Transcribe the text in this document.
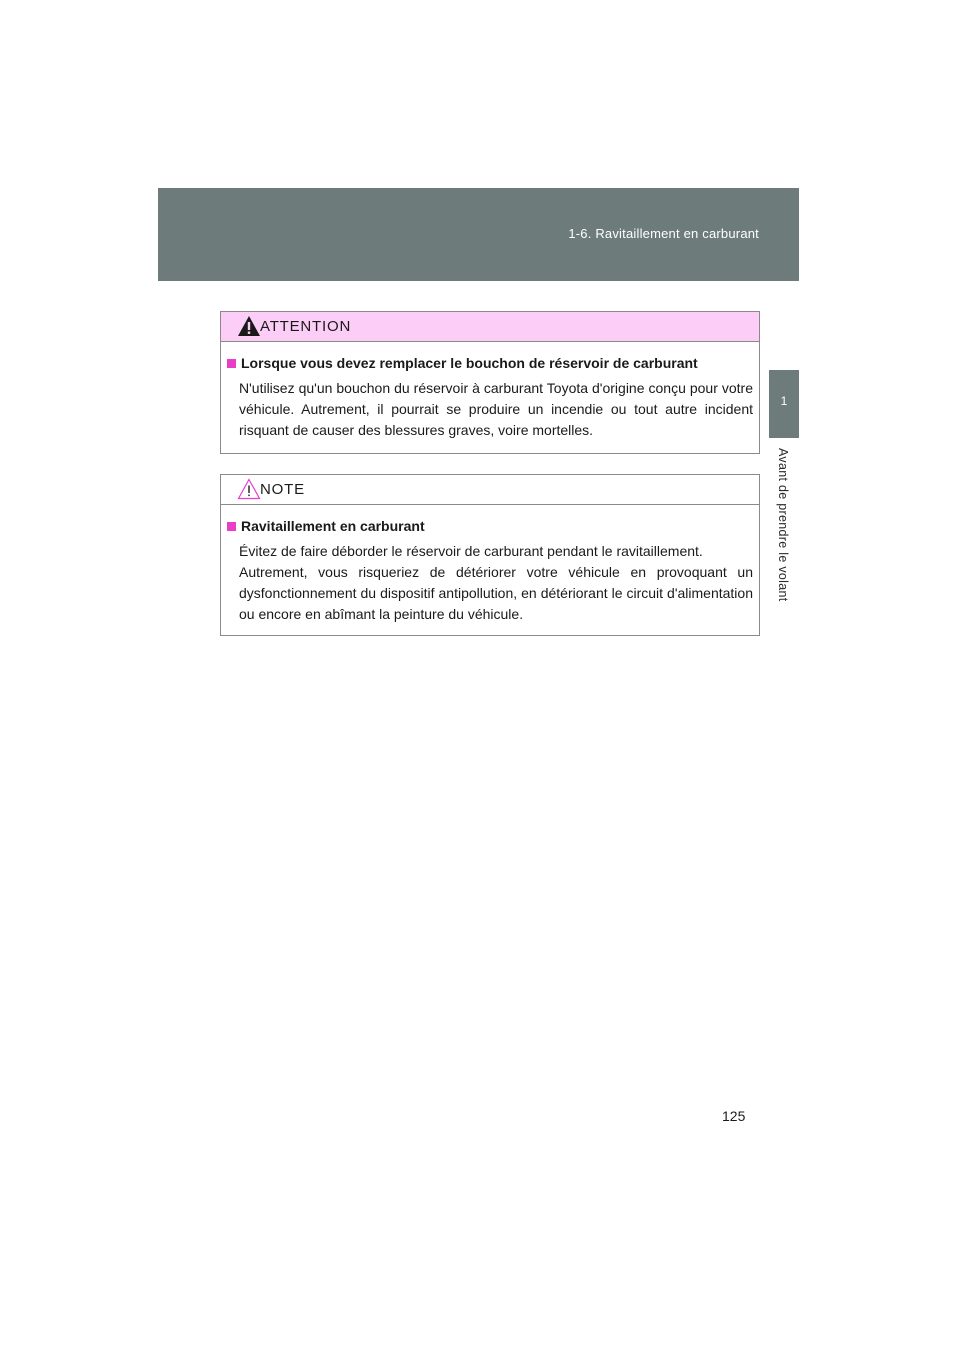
1-6. Ravitaillement en carburant
1
Avant de prendre le volant
ATTENTION
Lorsque vous devez remplacer le bouchon de réservoir de carburant

N'utilisez qu'un bouchon du réservoir à carburant Toyota d'origine conçu pour votre véhicule. Autrement, il pourrait se produire un incendie ou tout autre incident risquant de causer des blessures graves, voire mortelles.

NOTE
Ravitaillement en carburant

Évitez de faire déborder le réservoir de carburant pendant le ravitaillement.

Autrement, vous risqueriez de détériorer votre véhicule en provoquant un dysfonctionnement du dispositif antipollution, en détériorant le circuit d'alimentation ou encore en abîmant la peinture du véhicule.

125
